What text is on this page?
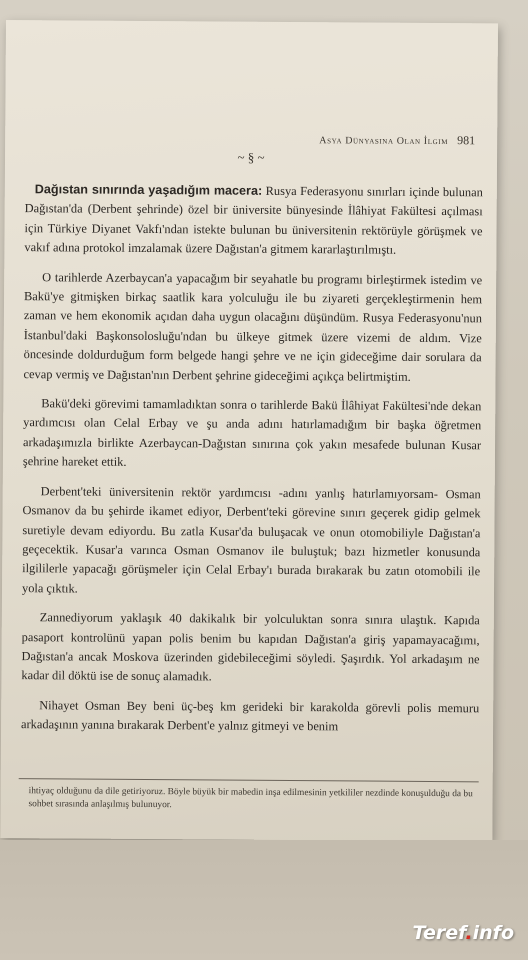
Asya Dünyasına Olan İlgim 981
~ § ~

Dağıstan sınırında yaşadığım macera: Rusya Federasyonu sınırları içinde bulunan Dağıstan'da (Derbent şehrinde) özel bir üniversite bünyesinde İlâhiyat Fakültesi açılması için Türkiye Diyanet Vakfı'ndan istekte bulunan bu üniversitenin rektörüyle görüşmek ve vakıf adına protokol imzalamak üzere Dağıstan'a gitmem kararlaştırılmıştı.

O tarihlerde Azerbaycan'a yapacağım bir seyahatle bu programı birleştirmek istedim ve Bakü'ye gitmişken birkaç saatlik kara yolculuğu ile bu ziyareti gerçekleştirmenin hem zaman ve hem ekonomik açıdan daha uygun olacağını düşündüm. Rusya Federasyonu'nun İstanbul'daki Başkonsolosluğu'ndan bu ülkeye gitmek üzere vizemi de aldım. Vize öncesinde doldurduğum form belgede hangi şehre ve ne için gideceğime dair sorulara da cevap vermiş ve Dağıstan'nın Derbent şehrine gideceğimi açıkça belirtmiştim.

Bakü'deki görevimi tamamladıktan sonra o tarihlerde Bakü İlâhiyat Fakültesi'nde dekan yardımcısı olan Celal Erbay ve şu anda adını hatırlamadığım bir başka öğretmen arkadaşımızla birlikte Azerbaycan-Dağıstan sınırına çok yakın mesafede bulunan Kusar şehrine hareket ettik.

Derbent'teki üniversitenin rektör yardımcısı -adını yanlış hatırlamıyorsam- Osman Osmanov da bu şehirde ikamet ediyor, Derbent'teki görevine sınırı geçerek gidip gelmek suretiyle devam ediyordu. Bu zatla Kusar'da buluşacak ve onun otomobiliyle Dağıstan'a geçecektik. Kusar'a varınca Osman Osmanov ile buluştuk; bazı hizmetler konusunda ilgililerle yapacağı görüşmeler için Celal Erbay'ı burada bırakarak bu zatın otomobili ile yola çıktık.

Zannediyorum yaklaşık 40 dakikalık bir yolculuktan sonra sınıra ulaştık. Kapıda pasaport kontrolünü yapan polis benim bu kapıdan Dağıstan'a giriş yapamayacağımı, Dağıstan'a ancak Moskova üzerinden gidebileceğimi söyledi. Şaşırdık. Yol arkadaşım ne kadar dil döktü ise de sonuç alamadık.

Nihayet Osman Bey beni üç-beş km gerideki bir karakolda görevli polis memuru arkadaşının yanına bırakarak Derbent'e yalnız gitmeyi ve benim

ihtiyaç olduğunu da dile getiriyoruz. Böyle büyük bir mabedin inşa edilmesinin yetkililer nezdinde konuşulduğu da bu sohbet sırasında anlaşılmış bulunuyor.
Teref.info
